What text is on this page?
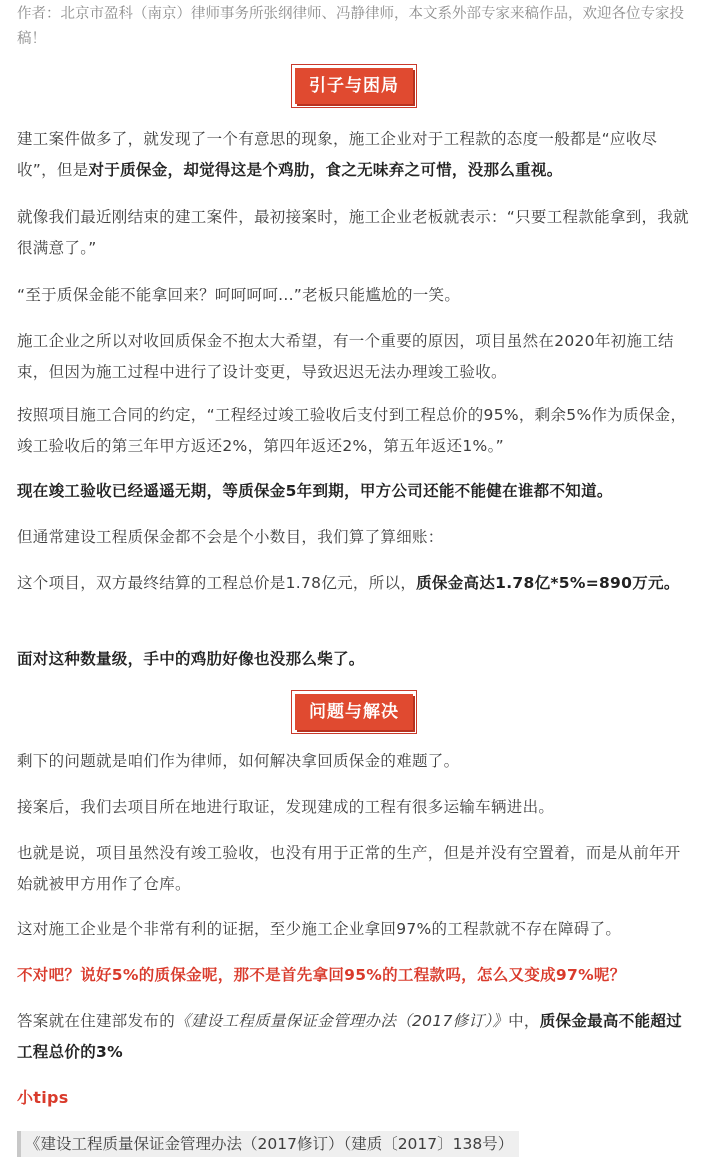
作者：北京市盈科（南京）律师事务所张纲律师、冯静律师，本文系外部专家来稿作品，欢迎各位专家投稿！
引子与困局
建工案件做多了，就发现了一个有意思的现象，施工企业对于工程款的态度一般都是“应收尽收”，但是对于质保金，却觉得这是个鸡肋，食之无味弃之可惜，没那么重视。
就像我们最近刚结束的建工案件，最初接案时，施工企业老板就表示：“只要工程款能拿到，我就很满意了。”
“至于质保金能不能拿回来？呵呵呵呵...”老板只能尴尬的一笑。
施工企业之所以对收回质保金不抱太大希望，有一个重要的原因，项目虽然在2020年初施工结束，但因为施工过程中进行了设计变更，导致迟迟无法办理竣工验收。
按照项目施工合同的约定，“工程经过竣工验收后支付到工程总价的95%，剩余5%作为质保金，竣工验收后的第三年甲方返还2%，第四年返还2%，第五年返还1%。”
现在竣工验收已经遥遥无期，等质保金5年到期，甲方公司还能不能健在谁都不知道。
但通常建设工程质保金都不会是个小数目，我们算了算细账：
这个项目，双方最终结算的工程总价是1.78亿元，所以，质保金高达1.78亿*5%=890万元。
面对这种数量级，手中的鸡肋好像也没那么柴了。
问题与解决
剩下的问题就是咱们作为律师，如何解决拿回质保金的难题了。
接案后，我们去项目所在地进行取证，发现建成的工程有很多运输车辆进出。
也就是说，项目虽然没有竣工验收，也没有用于正常的生产，但是并没有空置着，而是从前年开始就被甲方用作了仓库。
这对施工企业是个非常有利的证据，至少施工企业拿回97%的工程款就不存在障碍了。
不对吧？说好5%的质保金呢，那不是首先拿回95%的工程款吗，怎么又变成97%呢？
答案就在住建部发布的《建设工程质量保证金管理办法（2017修订）》中，质保金最高不能超过工程总价的3%
小tips
《建设工程质量保证金管理办法（2017修订）（建质〔2017〕138号）
